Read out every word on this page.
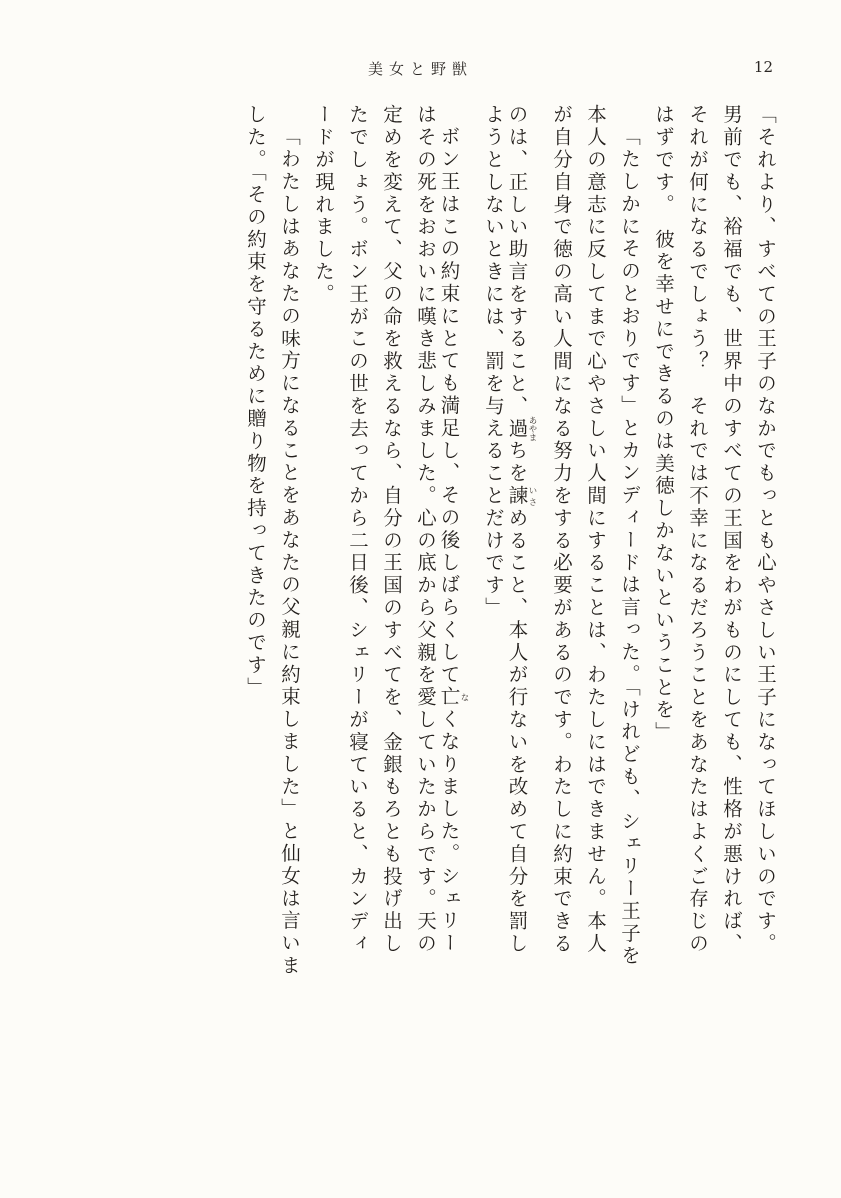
美女と野獣	12
「それより、すべての王子のなかでもっとも心やさしい王子になってほしいのです。
男前でも、裕福でも、世界中のすべての王国をわがものにしても、性格が悪ければ、
それが何になるでしょう？　それでは不幸になるだろうことをあなたはよくご存じの
はずです。　彼を幸せにできるのは美徳しかないということを」
「たしかにそのとおりです」とカンディードは言った。「けれども、シェリー王子を
本人の意志に反してまで心やさしい人間にすることは、わたしにはできません。本人
が自分自身で徳の高い人間になる努力をする必要があるのです。わたしに約束できる
のは、正しい助言をすること、過あやまちを諫いさめること、本人が行ないを改めて自分を罰し
ようとしないときには、罰を与えることだけです」
ボン王はこの約束にとても満足し、その後しばらくして亡なくなりました。シェリー
はその死をおおいに嘆き悲しみました。心の底から父親を愛していたからです。天の
定めを変えて、父の命を救えるなら、自分の王国のすべてを、金銀もろとも投げ出し
たでしょう。ボン王がこの世を去ってから二日後、シェリーが寝ていると、カンディ
ードが現れました。
「わたしはあなたの味方になることをあなたの父親に約束しました」と仙女は言いま
した。「その約束を守るために贈り物を持ってきたのです」
